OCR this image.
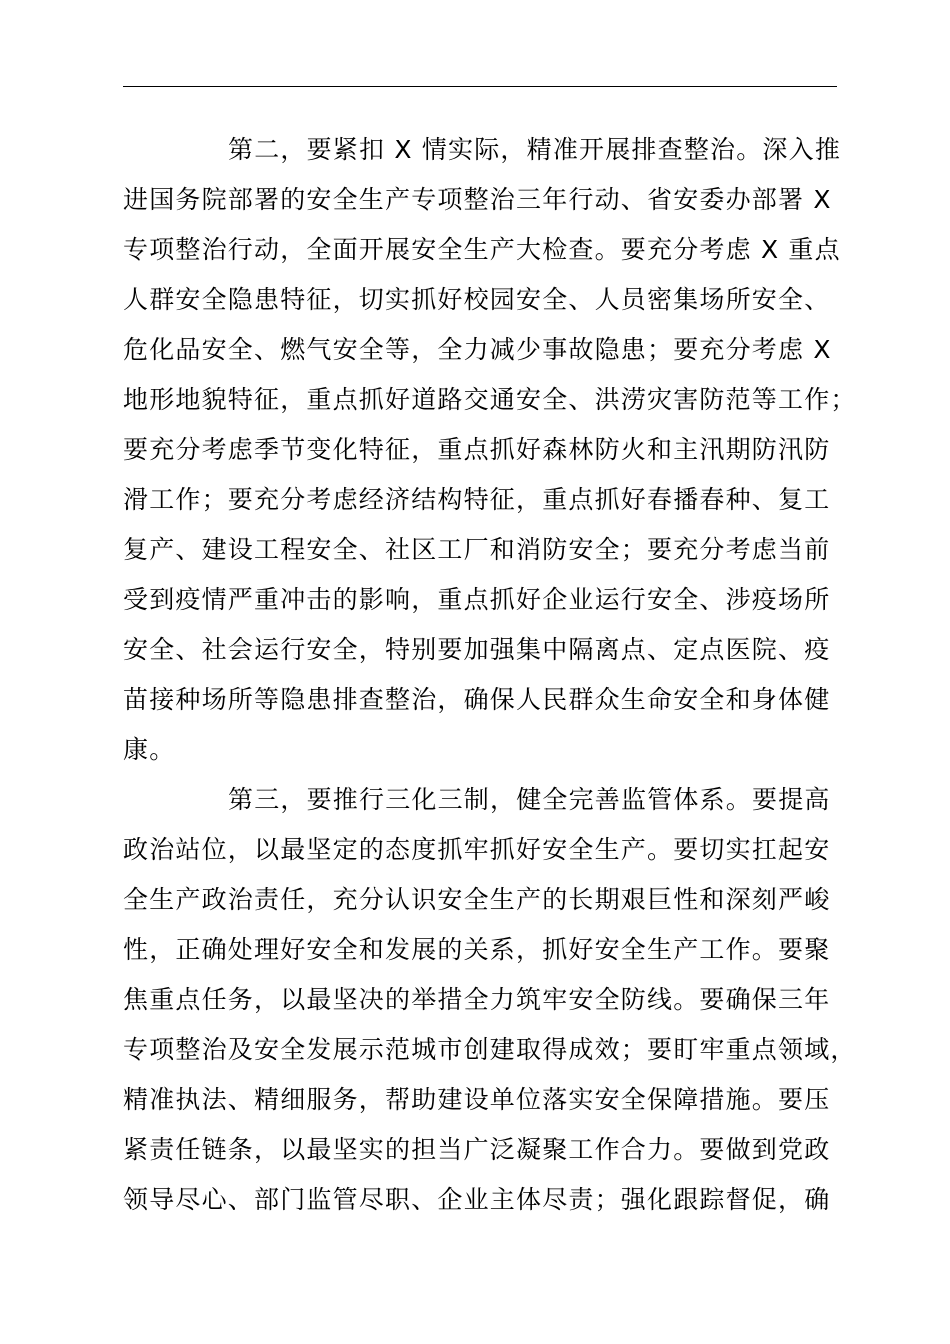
第二，要紧扣 X 情实际，精准开展排查整治。深入推
进国务院部署的安全生产专项整治三年行动、省安委办部署 X
专项整治行动，全面开展安全生产大检查。要充分考虑 X 重点
人群安全隐患特征，切实抓好校园安全、人员密集场所安全、
危化品安全、燃气安全等，全力减少事故隐患；要充分考虑 X
地形地貌特征，重点抓好道路交通安全、洪涝灾害防范等工作；
要充分考虑季节变化特征，重点抓好森林防火和主汛期防汛防
滑工作；要充分考虑经济结构特征，重点抓好春播春种、复工
复产、建设工程安全、社区工厂和消防安全；要充分考虑当前
受到疫情严重冲击的影响，重点抓好企业运行安全、涉疫场所
安全、社会运行安全，特别要加强集中隔离点、定点医院、疫
苗接种场所等隐患排查整治，确保人民群众生命安全和身体健
康。
第三，要推行三化三制，健全完善监管体系。要提高
政治站位，以最坚定的态度抓牢抓好安全生产。要切实扛起安
全生产政治责任，充分认识安全生产的长期艰巨性和深刻严峻
性，正确处理好安全和发展的关系，抓好安全生产工作。要聚
焦重点任务，以最坚决的举措全力筑牢安全防线。要确保三年
专项整治及安全发展示范城市创建取得成效；要盯牢重点领域，
精准执法、精细服务，帮助建设单位落实安全保障措施。要压
紧责任链条，以最坚实的担当广泛凝聚工作合力。要做到党政
领导尽心、部门监管尽职、企业主体尽责；强化跟踪督促，确
